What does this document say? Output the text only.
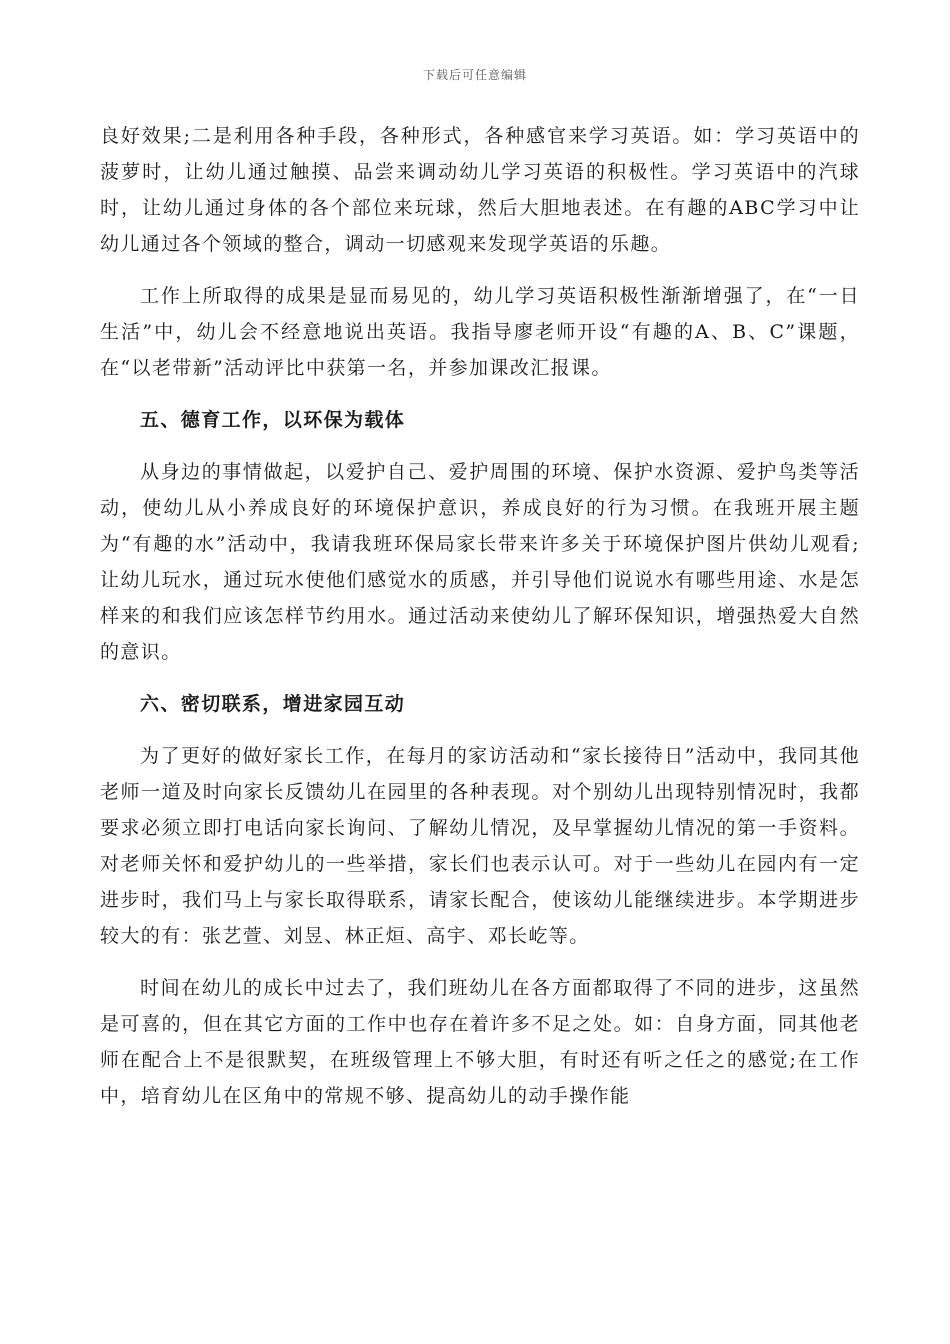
下载后可任意编辑

良好效果;二是利用各种手段，各种形式，各种感官来学习英语。如：学习英语中的菠萝时，让幼儿通过触摸、品尝来调动幼儿学习英语的积极性。学习英语中的汽球时，让幼儿通过身体的各个部位来玩球，然后大胆地表述。在有趣的ABC学习中让幼儿通过各个领域的整合，调动一切感观来发现学英语的乐趣。

工作上所取得的成果是显而易见的，幼儿学习英语积极性渐渐增强了，在“一日生活”中，幼儿会不经意地说出英语。我指导廖老师开设“有趣的A、B、C”课题，在“以老带新”活动评比中获第一名，并参加课改汇报课。

五、德育工作，以环保为载体

从身边的事情做起，以爱护自己、爱护周围的环境、保护水资源、爱护鸟类等活动，使幼儿从小养成良好的环境保护意识，养成良好的行为习惯。在我班开展主题为“有趣的水”活动中，我请我班环保局家长带来许多关于环境保护图片供幼儿观看;让幼儿玩水，通过玩水使他们感觉水的质感，并引导他们说说水有哪些用途、水是怎样来的和我们应该怎样节约用水。通过活动来使幼儿了解环保知识，增强热爱大自然的意识。

六、密切联系，增进家园互动

为了更好的做好家长工作，在每月的家访活动和“家长接待日”活动中，我同其他老师一道及时向家长反馈幼儿在园里的各种表现。对个别幼儿出现特别情况时，我都要求必须立即打电话向家长询问、了解幼儿情况，及早掌握幼儿情况的第一手资料。对老师关怀和爱护幼儿的一些举措，家长们也表示认可。对于一些幼儿在园内有一定进步时，我们马上与家长取得联系，请家长配合，使该幼儿能继续进步。本学期进步较大的有：张艺萱、刘昱、林正烜、高宇、邓长屹等。

时间在幼儿的成长中过去了，我们班幼儿在各方面都取得了不同的进步，这虽然是可喜的，但在其它方面的工作中也存在着许多不足之处。如：自身方面，同其他老师在配合上不是很默契，在班级管理上不够大胆，有时还有听之任之的感觉;在工作中，培育幼儿在区角中的常规不够、提高幼儿的动手操作能
